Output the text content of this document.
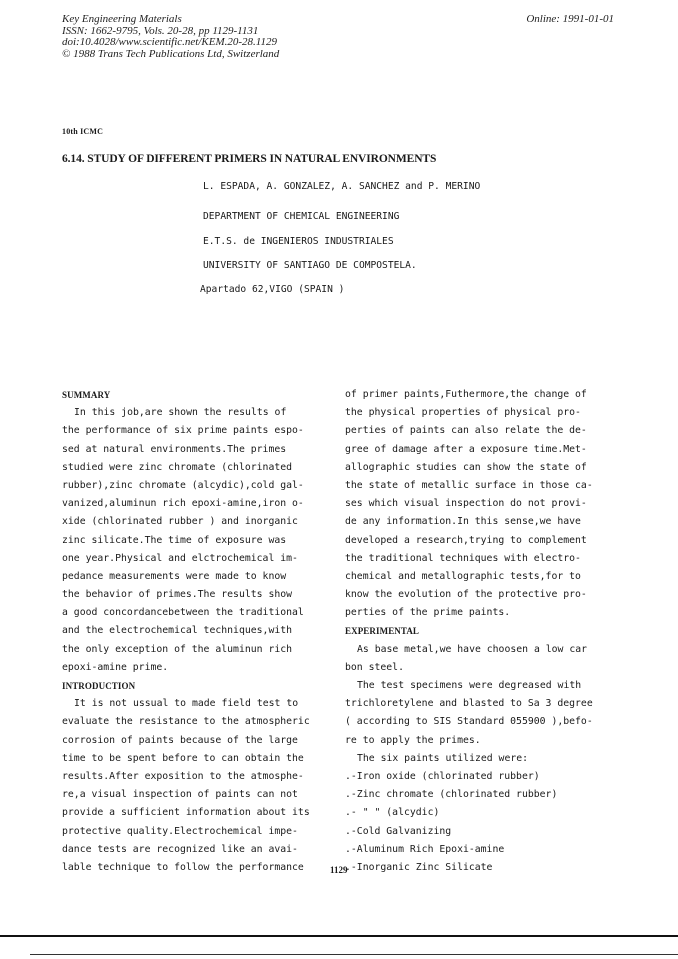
Key Engineering Materials
ISSN: 1662-9795, Vols. 20-28, pp 1129-1131
doi:10.4028/www.scientific.net/KEM.20-28.1129
© 1988 Trans Tech Publications Ltd, Switzerland
Online: 1991-01-01
10th ICMC
6.14. STUDY OF DIFFERENT PRIMERS IN NATURAL ENVIRONMENTS
L. ESPADA, A. GONZALEZ, A. SANCHEZ and P. MERINO
DEPARTMENT OF CHEMICAL ENGINEERING
E.T.S. de INGENIEROS INDUSTRIALES
UNIVERSITY OF SANTIAGO DE COMPOSTELA.
Apartado 62,VIGO (SPAIN )
SUMMARY
In this job,are shown the results of
the performance of six prime paints espo-
sed at natural environments.The primes
studied were zinc chromate (chlorinated
rubber),zinc chromate (alcydic),cold gal-
vanized,aluminun rich epoxi-amine,iron o-
xide (chlorinated rubber ) and inorganic
zinc silicate.The time of exposure was
one year.Physical and elctrochemical im-
pedance measurements were made to know
the behavior of primes.The results show
a good concordancebetween the traditional
and the electrochemical techniques,with
the only exception of the aluminun rich
epoxi-amine prime.
INTRODUCTION
It is not ussual to made field test to
evaluate the resistance to the atmospheric
corrosion of paints because of the large
time to be spent before to can obtain the
results.After exposition to the atmosphe-
re,a visual inspection of paints can not
provide a sufficient information about its
protective quality.Electrochemical impe-
dance tests are recognized like an avai-
lable technique to follow the performance
of primer paints,Futhermore,the change of
the physical properties of physical pro-
perties of paints can also relate the de-
gree of damage after a exposure time.Met-
allographic studies can show the state of
the state of metallic surface in those ca-
ses which visual inspection do not provi-
de any information.In this sense,we have
developed a research,trying to complement
the traditional techniques with electro-
chemical and metallographic tests,for to
know the evolution of the protective pro-
perties of the prime paints.
EXPERIMENTAL
As base metal,we have choosen a low car
bon steel.
The test specimens were degreased with
trichloretylene and blasted to Sa 3 degree
( according to SIS Standard 055900 ),befo-
re to apply the primes.
The six paints utilized were:
.-Iron oxide (chlorinated rubber)
.-Zinc chromate (chlorinated rubber)
.- " " (alcydic)
.-Cold Galvanizing
.-Aluminum Rich Epoxi-amine
.-Inorganic Zinc Silicate
1129
